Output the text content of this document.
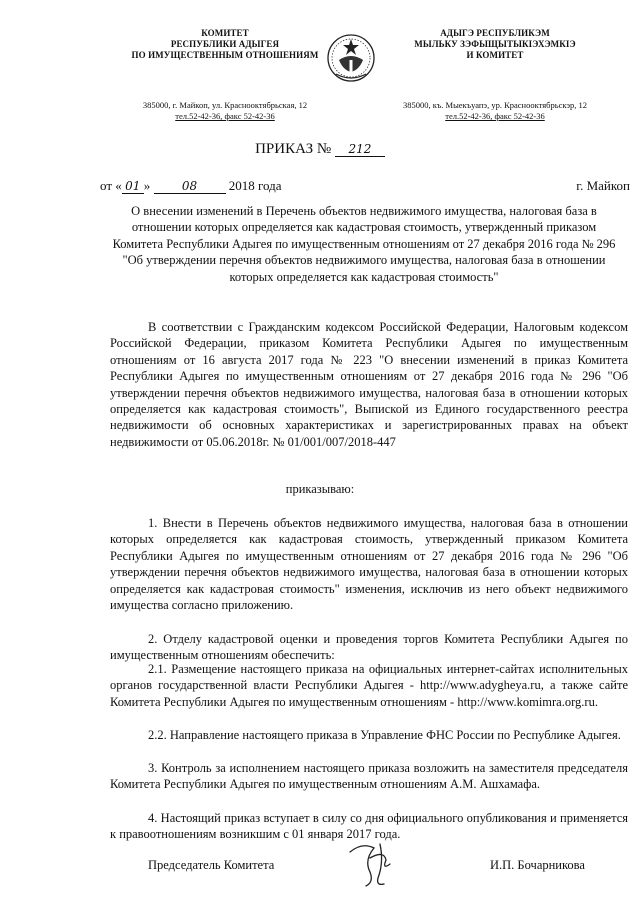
КОМИТЕТ
РЕСПУБЛИКИ АДЫГЕЯ
ПО ИМУЩЕСТВЕННЫМ ОТНОШЕНИЯМ
АДЫГЭ РЕСПУБЛИКЭМ
МЫЛЬКУ ЗЭФЫЩЫТЫКІЭХЭМКІЭ
И КОМИТЕТ
385000, г. Майкоп, ул. Краснооктябрьская, 12
тел.52-42-36, факс 52-42-36
385000, къ. Мыекъуапэ, ур. Краснооктябрьскэр, 12
тел.52-42-36, факс 52-42-36
ПРИКАЗ № 212
от « 01 »	08 2018 года	г. Майкоп
О внесении изменений в Перечень объектов недвижимого имущества, налоговая база в отношении которых определяется как кадастровая стоимость, утвержденный приказом Комитета Республики Адыгея по имущественным отношениям от 27 декабря 2016 года № 296 "Об утверждении перечня объектов недвижимого имущества, налоговая база в отношении которых определяется как кадастровая стоимость"
В соответствии с Гражданским кодексом Российской Федерации, Налоговым кодексом Российской Федерации, приказом Комитета Республики Адыгея по имущественным отношениям от 16 августа 2017 года № 223 "О внесении изменений в приказ Комитета Республики Адыгея по имущественным отношениям от 27 декабря 2016 года № 296 "Об утверждении перечня объектов недвижимого имущества, налоговая база в отношении которых определяется как кадастровая стоимость", Выпиской из Единого государственного реестра недвижимости об основных характеристиках и зарегистрированных правах на объект недвижимости от 05.06.2018г. № 01/001/007/2018-447
приказываю:
1. Внести в Перечень объектов недвижимого имущества, налоговая база в отношении которых определяется как кадастровая стоимость, утвержденный приказом Комитета Республики Адыгея по имущественным отношениям от 27 декабря 2016 года № 296 "Об утверждении перечня объектов недвижимого имущества, налоговая база в отношении которых определяется как кадастровая стоимость" изменения, исключив из него объект недвижимого имущества согласно приложению.
2. Отделу кадастровой оценки и проведения торгов Комитета Республики Адыгея по имущественным отношениям обеспечить:
2.1. Размещение настоящего приказа на официальных интернет-сайтах исполнительных органов государственной власти Республики Адыгея - http://www.adygheya.ru, а также сайте Комитета Республики Адыгея по имущественным отношениям - http://www.komimra.org.ru.
2.2. Направление настоящего приказа в Управление ФНС России по Республике Адыгея.
3. Контроль за исполнением настоящего приказа возложить на заместителя председателя Комитета Республики Адыгея по имущественным отношениям А.М. Ашхамафа.
4. Настоящий приказ вступает в силу со дня официального опубликования и применяется к правоотношениям возникшим с 01 января 2017 года.
Председатель Комитета	И.П. Бочарникова
